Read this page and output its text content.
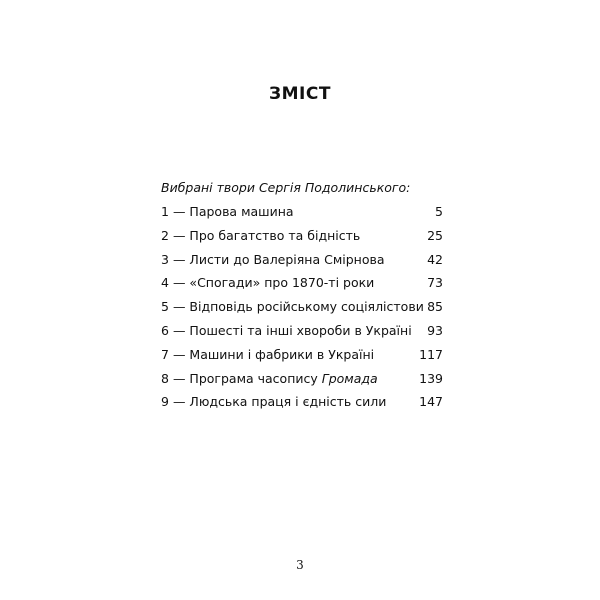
ЗМІСТ
Вибрані твори Сергія Подолинського:
1 — Парова машина	5
2 — Про багатство та бідність	25
3 — Листи до Валеріяна Смірнова	42
4 — «Спогади» про 1870-ті роки	73
5 — Відповідь російському соціялістови 85
6 — Пошесті та інші хвороби в Україні 93
7 — Машини і фабрики в Україні	117
8 — Програма часопису Громада	139
9 — Людська праця і єдність сили	147
3
